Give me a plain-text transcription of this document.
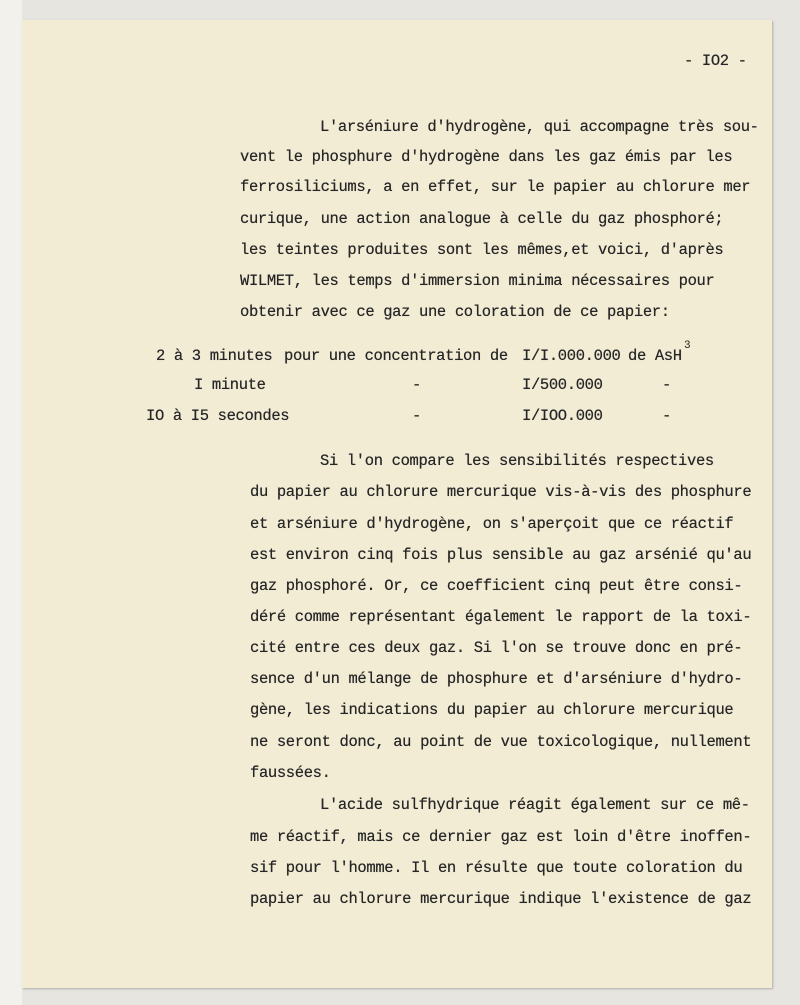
- IO2 -
L'arséniure d'hydrogène, qui accompagne très sou-
vent le phosphure d'hydrogène dans les gaz émis par les
ferrosiliciums, a en effet, sur le papier au chlorure mer
curique, une action analogue à celle du gaz phosphoré;
les teintes produites sont les mêmes,et voici, d'après
WILMET, les temps d'immersion minima nécessaires pour
obtenir avec ce gaz une coloration de ce papier:
2 à 3 minutes pour une concentration de I/I.000.000 de AsH
3
I minute	-	I/500.000	-
IO à I5 secondes	-	I/IOO.000	-
Si l'on compare les sensibilités respectives
du papier au chlorure mercurique vis-à-vis des phosphure
et arséniure d'hydrogène, on s'aperçoit que ce réactif
est environ cinq fois plus sensible au gaz arsénié qu'au
gaz phosphoré. Or, ce coefficient cinq peut être consi-
déré comme représentant également le rapport de la toxi-
cité entre ces deux gaz. Si l'on se trouve donc en pré-
sence d'un mélange de phosphure et d'arséniure d'hydro-
gène, les indications du papier au chlorure mercurique
ne seront donc, au point de vue toxicologique, nullement
faussées.
L'acide sulfhydrique réagit également sur ce mê-
me réactif, mais ce dernier gaz est loin d'être inoffen-
sif pour l'homme. Il en résulte que toute coloration du
papier au chlorure mercurique indique l'existence de gaz
